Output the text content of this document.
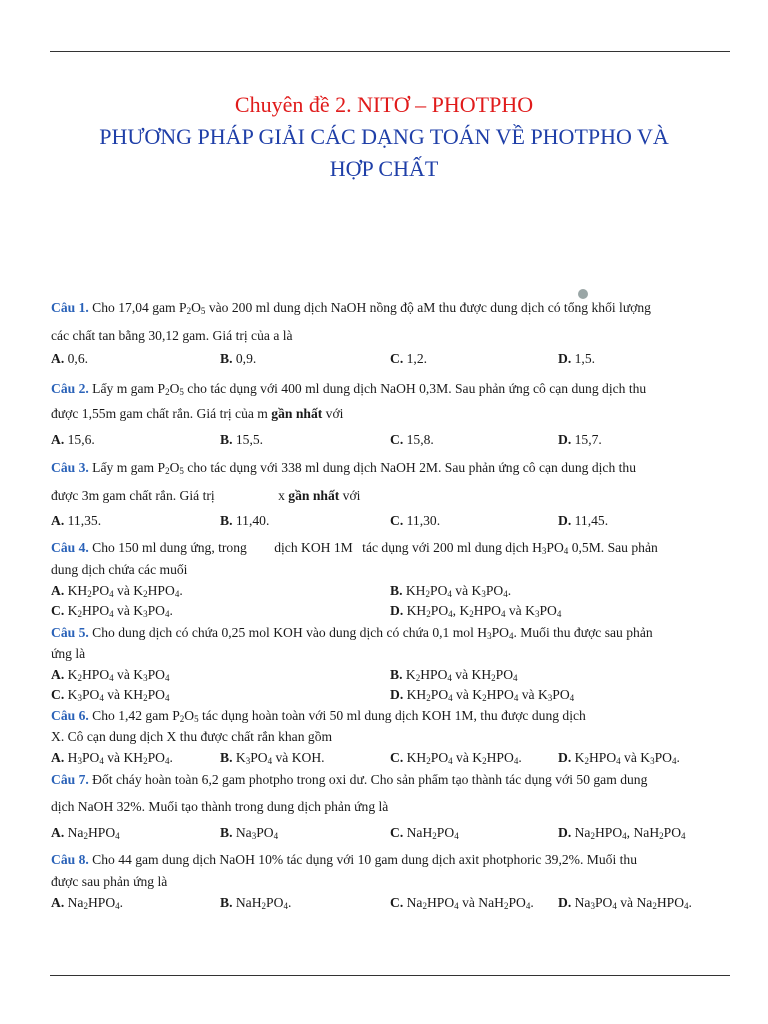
Chuyên đề 2. NITƠ – PHOTPHO
PHƯƠNG PHÁP GIẢI CÁC DẠNG TOÁN VỀ PHOTPHO VÀ
HỢP CHẤT
Câu 1. Cho 17,04 gam $P_2O_5$ vào 200 ml dung dịch NaOH nồng độ aM thu được dung dịch có tổng khối lượng
các chất tan bằng 30,12 gam. Giá trị của a là
A. 0,6.	B. 0,9.	C. 1,2.	D. 1,5.
Câu 2. Lấy m gam $P_2O_5$ cho tác dụng với 400 ml dung dịch NaOH 0,3M. Sau phản ứng cô cạn dung dịch thu
được 1,55m gam chất rắn. Giá trị của m gần nhất với
A. 15,6.	B. 15,5.	C. 15,8.	D. 15,7.
Câu 3. Lấy m gam $P_2O_5$ cho tác dụng với 338 ml dung dịch NaOH 2M. Sau phản ứng cô cạn dung dịch thu
được 3m gam chất rắn. Giá trị	x gần nhất với
A. 11,35.	B. 11,40.	C. 11,30.	D. 11,45.
Câu 4. Cho 150 ml dung ứng, trong dịch KOH 1M tác dụng với 200 ml dung dịch $H_3PO_4$ 0,5M. Sau phản
dung dịch chứa các muối
A. $KH_2PO_4$ và $K_2HPO_4$.	B. $KH_2PO_4$ và $K_3PO_4$.
C. $K_2HPO_4$ và $K_3PO_4$.	D. $KH_2PO_4$, $K_2HPO_4$ và $K_3PO_4$
Câu 5. Cho dung dịch có chứa 0,25 mol KOH vào dung dịch có chứa 0,1 mol $H_3PO_4$. Muối thu được sau phản
ứng là
A. $K_2HPO_4$ và $K_3PO_4$	B. $K_2HPO_4$ và $KH_2PO_4$
C. $K_3PO_4$ và $KH_2PO_4$	D. $KH_2PO_4$ và $K_2HPO_4$ và $K_3PO_4$
Câu 6. Cho 1,42 gam $P_2O_5$ tác dụng hoàn toàn với 50 ml dung dịch KOH 1M, thu được dung dịch
X. Cô cạn dung dịch X thu được chất rắn khan gồm
A. $H_3PO_4$ và $KH_2PO_4$.	B. $K_3PO_4$ và KOH.	C. $KH_2PO_4$ và $K_2HPO_4$.	D. $K_2HPO_4$ và $K_3PO_4$.
Câu 7. Đốt cháy hoàn toàn 6,2 gam photpho trong oxi dư. Cho sản phẩm tạo thành tác dụng với 50 gam dung
dịch NaOH 32%. Muối tạo thành trong dung dịch phản ứng là
A. $Na_2HPO_4$	B. $Na_3PO_4$	C. $NaH_2PO_4$	D. $Na_2HPO_4$, $NaH_2PO_4$
Câu 8. Cho 44 gam dung dịch NaOH 10% tác dụng với 10 gam dung dịch axit photphoric 39,2%. Muối thu
được sau phản ứng là
A. $Na_2HPO_4$.	B. $NaH_2PO_4$.	C. $Na_2HPO_4$ và $NaH_2PO_4$. D. $Na_3PO_4$ và $Na_2HPO_4$.
